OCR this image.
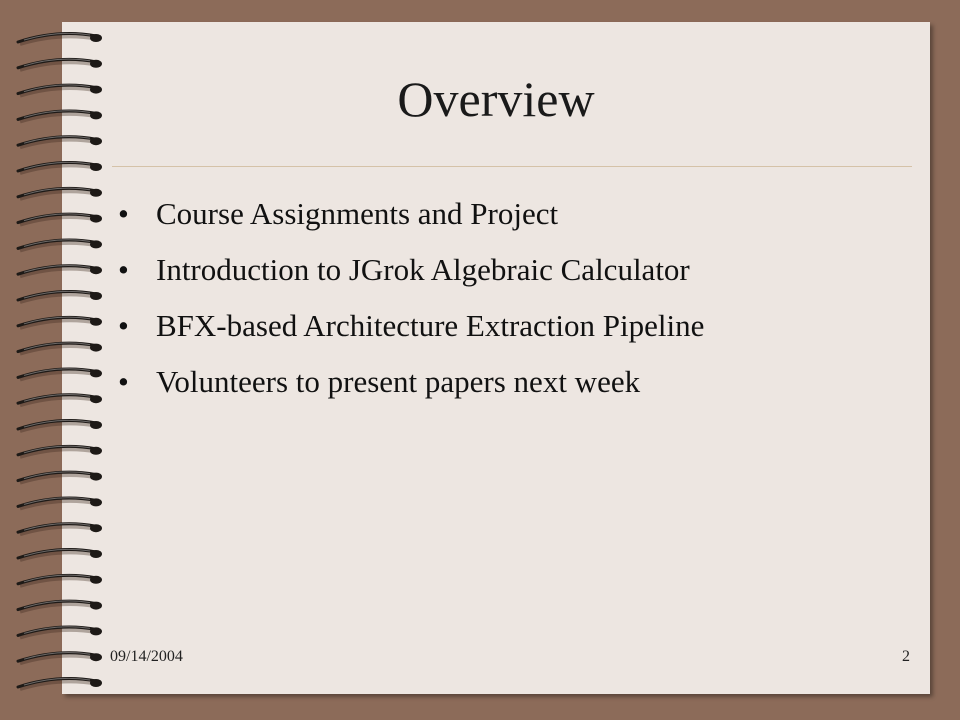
Overview
• Course Assignments and Project
• Introduction to JGrok Algebraic Calculator
• BFX-based Architecture Extraction Pipeline
• Volunteers to present papers next week
09/14/2004	2
